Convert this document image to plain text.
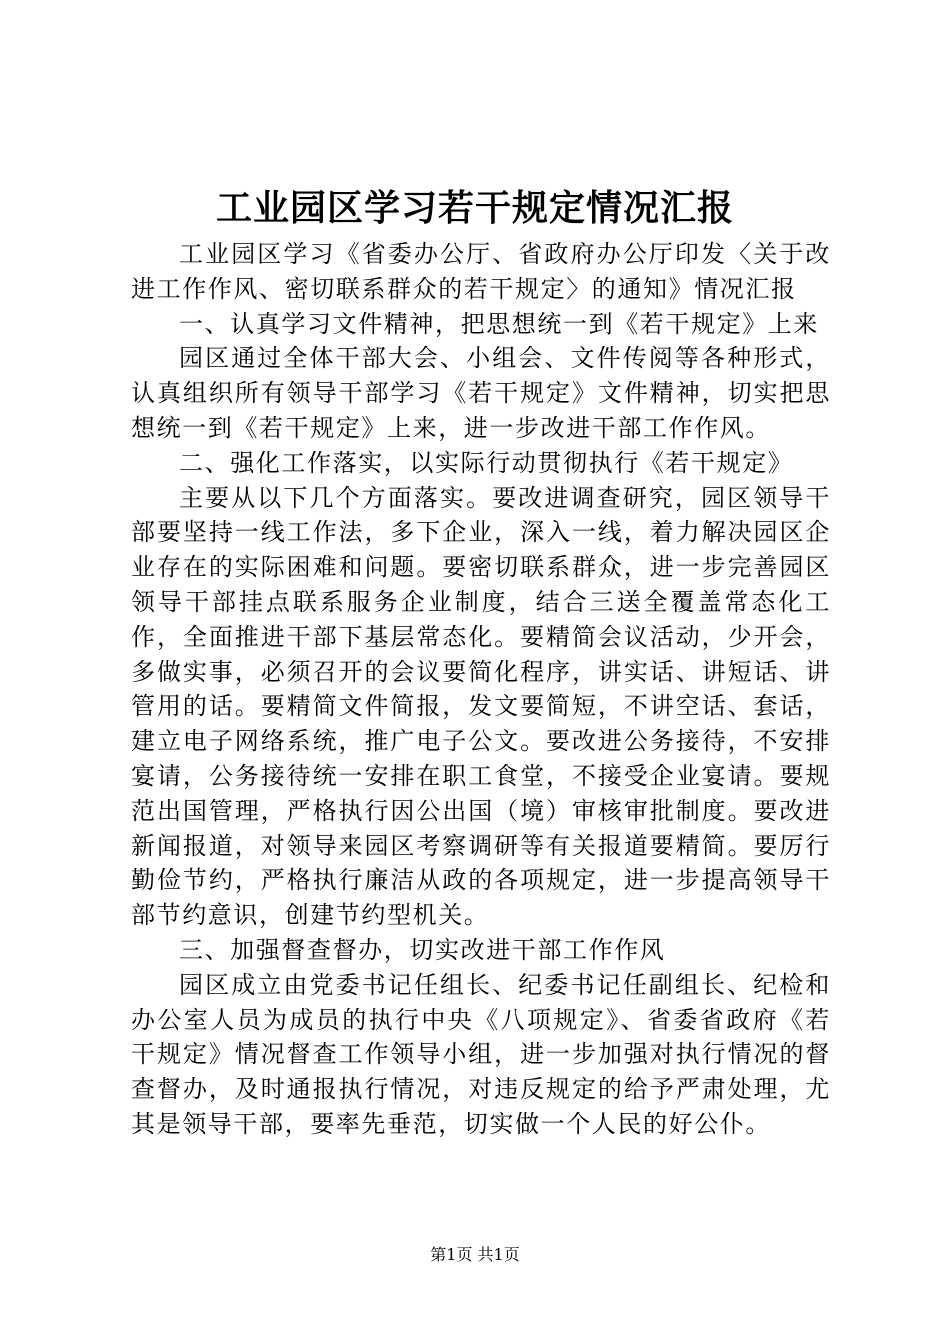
工业园区学习若干规定情况汇报

工业园区学习《省委办公厅、省政府办公厅印发〈关于改进工作作风、密切联系群众的若干规定〉的通知》情况汇报

一、认真学习文件精神，把思想统一到《若干规定》上来

园区通过全体干部大会、小组会、文件传阅等各种形式，认真组织所有领导干部学习《若干规定》文件精神，切实把思想统一到《若干规定》上来，进一步改进干部工作作风。

二、强化工作落实，以实际行动贯彻执行《若干规定》

主要从以下几个方面落实。要改进调查研究，园区领导干部要坚持一线工作法，多下企业，深入一线，着力解决园区企业存在的实际困难和问题。要密切联系群众，进一步完善园区领导干部挂点联系服务企业制度，结合三送全覆盖常态化工作，全面推进干部下基层常态化。要精简会议活动，少开会，多做实事，必须召开的会议要简化程序，讲实话、讲短话、讲管用的话。要精简文件简报，发文要简短，不讲空话、套话，建立电子网络系统，推广电子公文。要改进公务接待，不安排宴请，公务接待统一安排在职工食堂，不接受企业宴请。要规范出国管理，严格执行因公出国（境）审核审批制度。要改进新闻报道，对领导来园区考察调研等有关报道要精简。要厉行勤俭节约，严格执行廉洁从政的各项规定，进一步提高领导干部节约意识，创建节约型机关。

三、加强督查督办，切实改进干部工作作风

园区成立由党委书记任组长、纪委书记任副组长、纪检和办公室人员为成员的执行中央《八项规定》、省委省政府《若干规定》情况督查工作领导小组，进一步加强对执行情况的督查督办，及时通报执行情况，对违反规定的给予严肃处理，尤其是领导干部，要率先垂范，切实做一个人民的好公仆。

第1页 共1页
